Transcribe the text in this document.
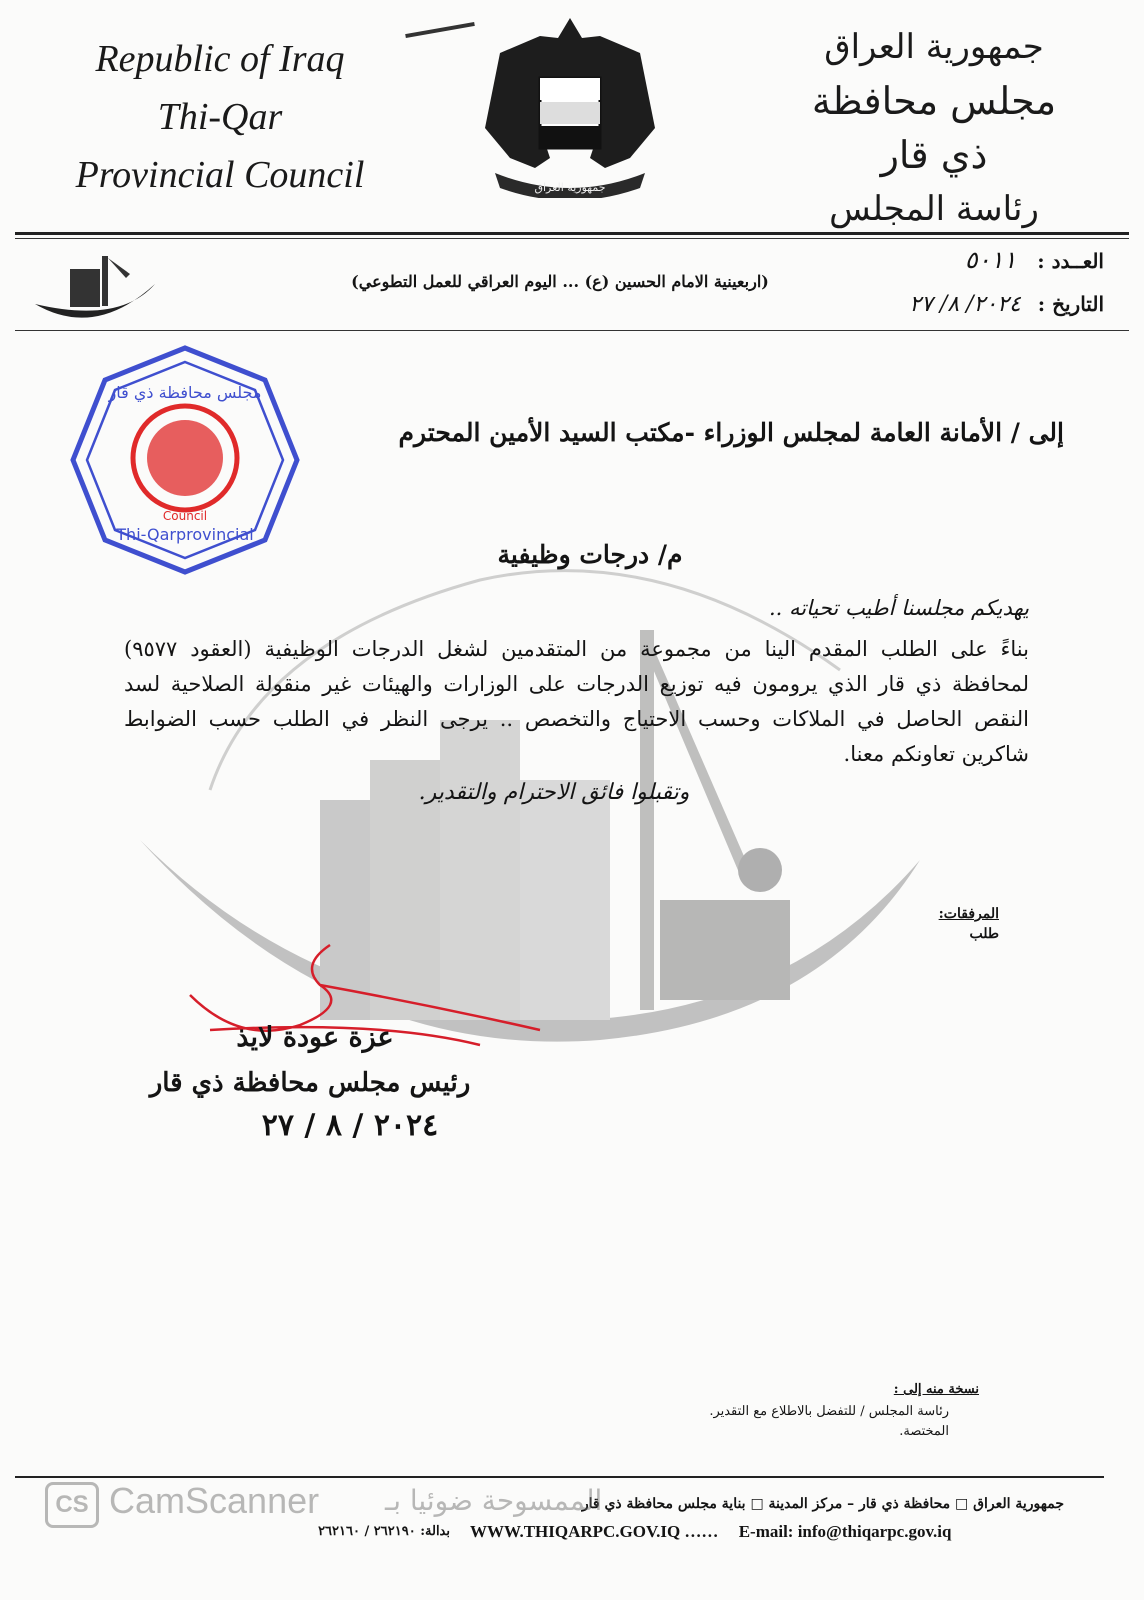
Republic of Iraq
Thi-Qar
Provincial Council	جمهورية العراق
جمهورية العراق
مجلس محافظة ذي قار
رئاسة المجلس
العــدد : ٥٠١١
التاريخ : ٢٠٢٤/ ٨/ ٢٧
(اربعينية الامام الحسين (ع) ... اليوم العراقي للعمل التطوعي)
مجلس محافظة ذي قار
Council
Thi-Qarprovincial
إلى / الأمانة العامة لمجلس الوزراء -مكتب السيد الأمين المحترم
م/ درجات وظيفية
يهديكم مجلسنا أطيب تحياته ..
بناءً على الطلب المقدم الينا من مجموعة من المتقدمين لشغل الدرجات الوظيفية (العقود ٩٥٧٧) لمحافظة ذي قار الذي يرومون فيه توزيع الدرجات على الوزارات والهيئات غير منقولة الصلاحية لسد النقص الحاصل في الملاكات وحسب الاحتياج والتخصص .. يرجى النظر في الطلب حسب الضوابط شاكرين تعاونكم معنا.
وتقبلوا فائق الاحترام والتقدير.
المرفقات:
طلب
عزة عودة لايذ
رئيس مجلس محافظة ذي قار
٢٠٢٤ / ٨ / ٢٧
نسخة منه إلى :
رئاسة المجلس / للتفضل بالاطلاع مع التقدير.
المختصة.
جمهورية العراق □ محافظة ذي قار – مركز المدينة □ بناية مجلس محافظة ذي قار
بدالة: ٢٦٢١٩٠ / ٢٦٢١٦٠ WWW.THIQARPC.GOV.IQ …… E-mail: info@thiqarpc.gov.iq
CS CamScanner الممسوحة ضوئيا بـ
